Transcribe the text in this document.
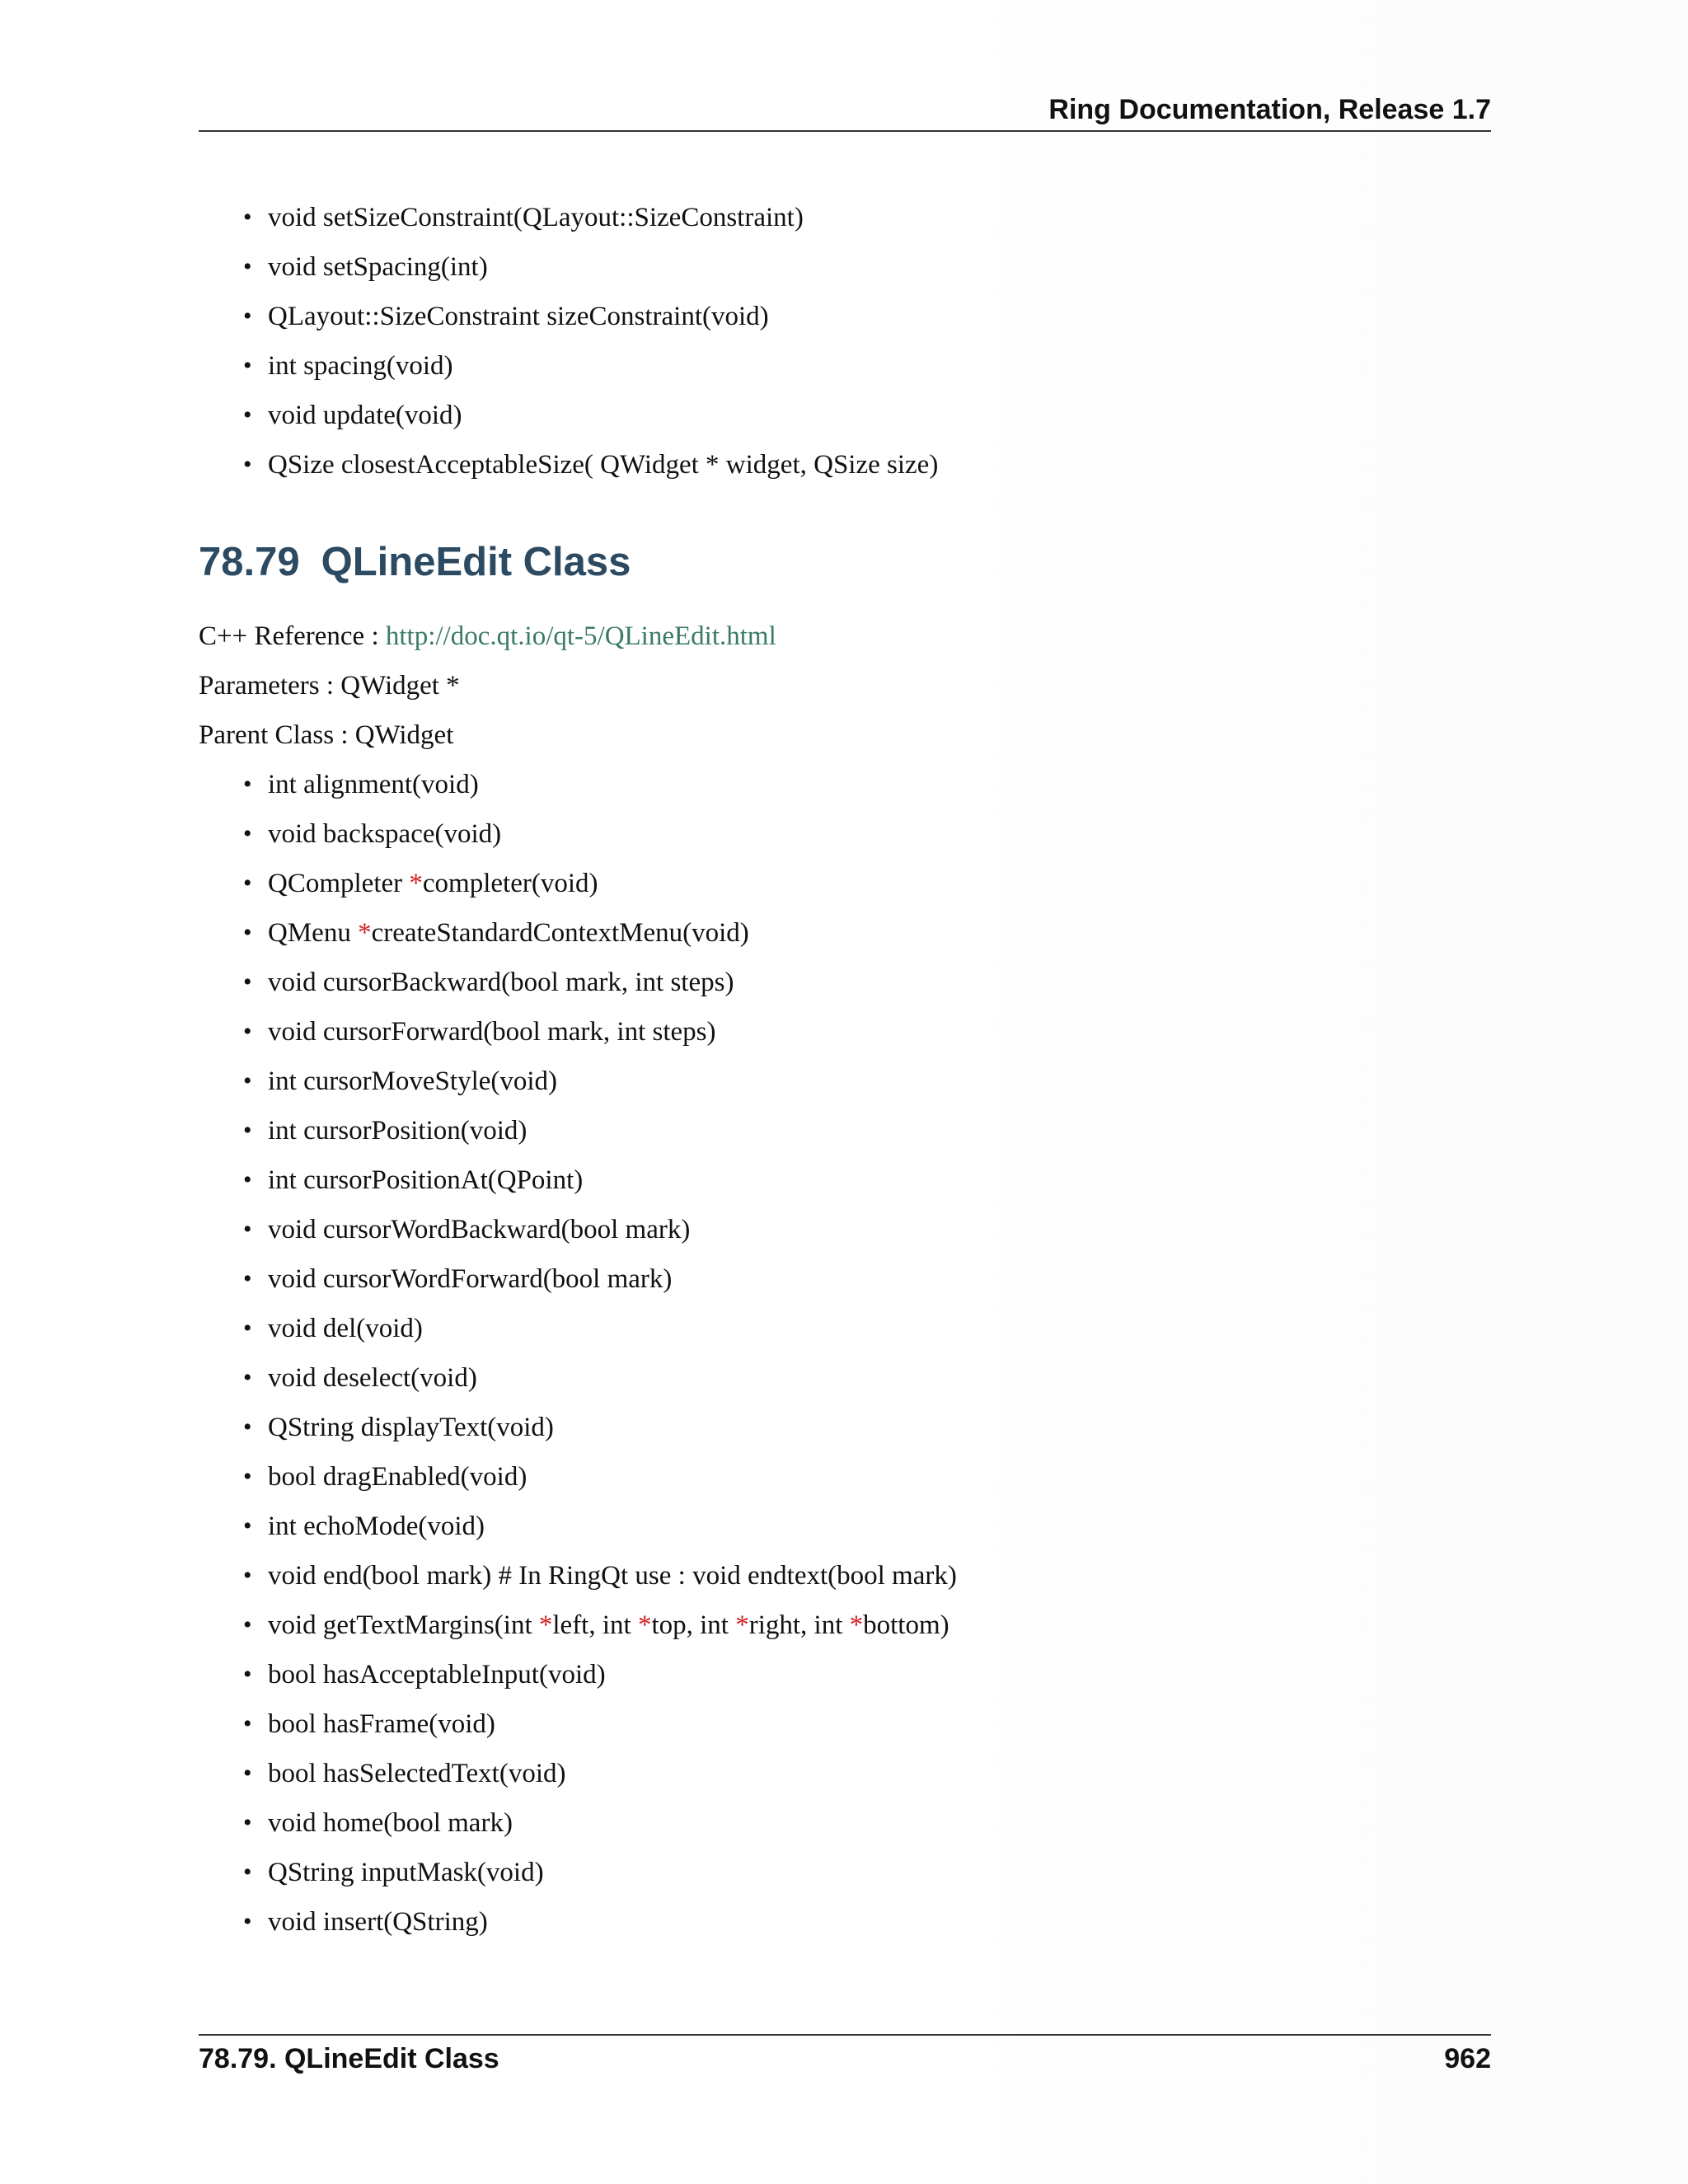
Ring Documentation, Release 1.7
• void setSizeConstraint(QLayout::SizeConstraint)
• void setSpacing(int)
• QLayout::SizeConstraint sizeConstraint(void)
• int spacing(void)
• void update(void)
• QSize closestAcceptableSize( QWidget * widget, QSize size)
78.79 QLineEdit Class
C++ Reference : http://doc.qt.io/qt-5/QLineEdit.html
Parameters : QWidget *
Parent Class : QWidget
• int alignment(void)
• void backspace(void)
• QCompleter *completer(void)
• QMenu *createStandardContextMenu(void)
• void cursorBackward(bool mark, int steps)
• void cursorForward(bool mark, int steps)
• int cursorMoveStyle(void)
• int cursorPosition(void)
• int cursorPositionAt(QPoint)
• void cursorWordBackward(bool mark)
• void cursorWordForward(bool mark)
• void del(void)
• void deselect(void)
• QString displayText(void)
• bool dragEnabled(void)
• int echoMode(void)
• void end(bool mark) # In RingQt use : void endtext(bool mark)
• void getTextMargins(int *left, int *top, int *right, int *bottom)
• bool hasAcceptableInput(void)
• bool hasFrame(void)
• bool hasSelectedText(void)
• void home(bool mark)
• QString inputMask(void)
• void insert(QString)
78.79. QLineEdit Class	962
